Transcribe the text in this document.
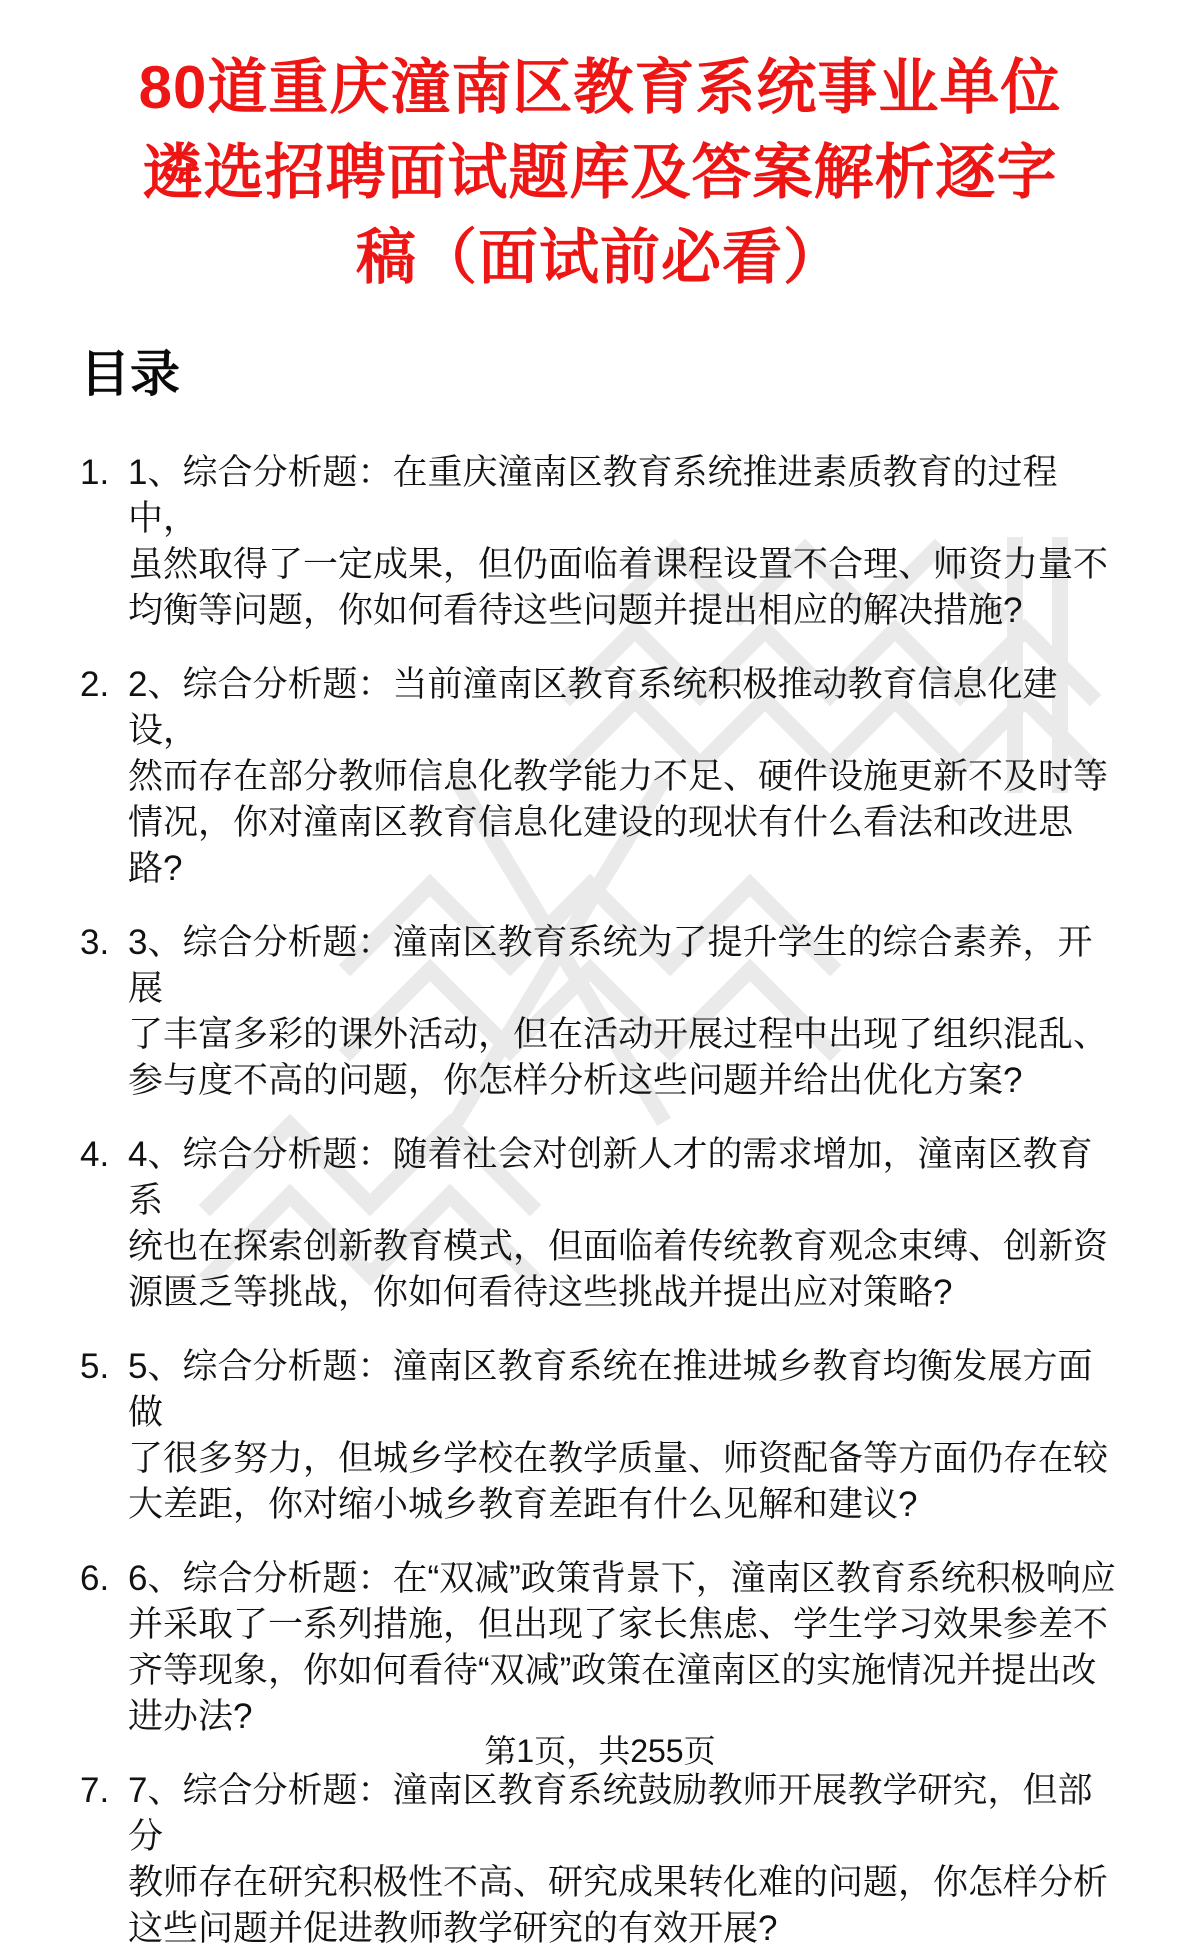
80道重庆潼南区教育系统事业单位
遴选招聘面试题库及答案解析逐字
稿（面试前必看）
目录
1、综合分析题：在重庆潼南区教育系统推进素质教育的过程中，
虽然取得了一定成果，但仍面临着课程设置不合理、师资力量不
均衡等问题，你如何看待这些问题并提出相应的解决措施?
2、综合分析题：当前潼南区教育系统积极推动教育信息化建设，
然而存在部分教师信息化教学能力不足、硬件设施更新不及时等
情况，你对潼南区教育信息化建设的现状有什么看法和改进思
路?
3、综合分析题：潼南区教育系统为了提升学生的综合素养，开展
了丰富多彩的课外活动，但在活动开展过程中出现了组织混乱、
参与度不高的问题，你怎样分析这些问题并给出优化方案?
4、综合分析题：随着社会对创新人才的需求增加，潼南区教育系
统也在探索创新教育模式，但面临着传统教育观念束缚、创新资
源匮乏等挑战，你如何看待这些挑战并提出应对策略?
5、综合分析题：潼南区教育系统在推进城乡教育均衡发展方面做
了很多努力，但城乡学校在教学质量、师资配备等方面仍存在较
大差距，你对缩小城乡教育差距有什么见解和建议?
6、综合分析题：在“双减”政策背景下，潼南区教育系统积极响应
并采取了一系列措施，但出现了家长焦虑、学生学习效果参差不
齐等现象，你如何看待“双减”政策在潼南区的实施情况并提出改
进办法?
7、综合分析题：潼南区教育系统鼓励教师开展教学研究，但部分
教师存在研究积极性不高、研究成果转化难的问题，你怎样分析
这些问题并促进教师教学研究的有效开展?
第1页，共255页
